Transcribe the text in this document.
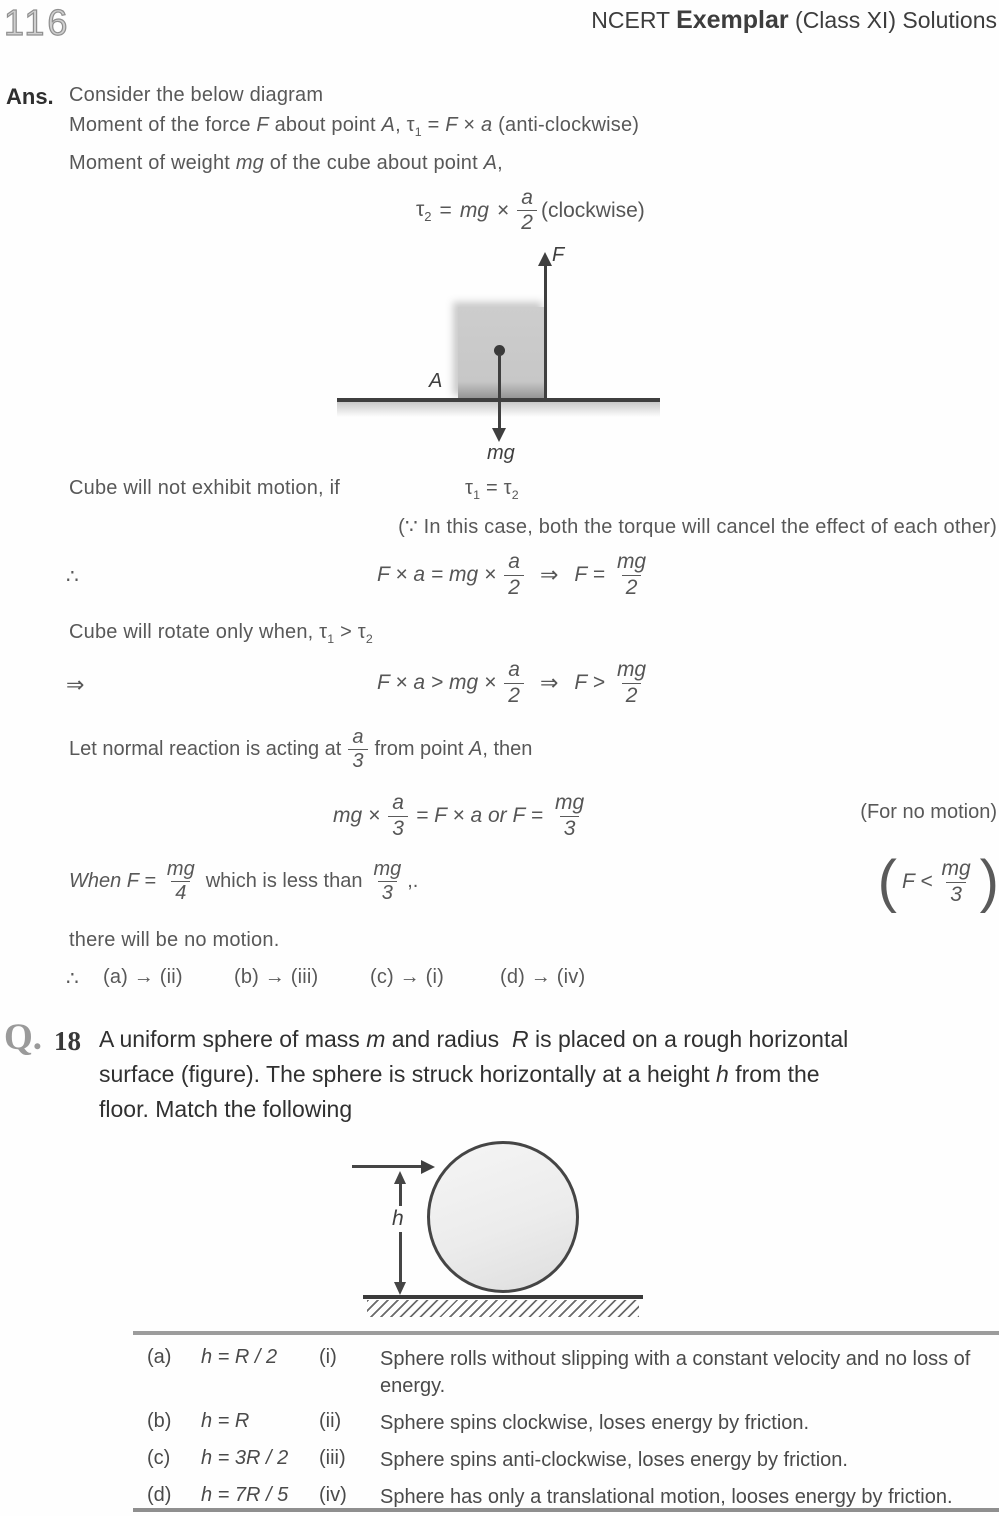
116	NCERT Exemplar (Class XI) Solutions
Ans. Consider the below diagram
Moment of the force F about point A, $\tau_1 = F \times a$ (anti-clockwise)
Moment of weight mg of the cube about point A,
$\tau_2$ = mg × $\frac{a}{2}$ (clockwise)
F
mg
A
Cube will not exhibit motion, if	$\tau_1 = \tau_2$
(∵ In this case, both the torque will cancel the effect of each other)
∴	F × a = mg × $\frac{a}{2}$ ⇒ $F = \frac{mg}{2}$
Cube will rotate only when, $\tau_1 > \tau_2$
⇒	F × a > mg × $\frac{a}{2}$ ⇒ $F > \frac{mg}{2}$
Let normal reaction is acting at $\frac{a}{3}$ from point A, then
mg × $\frac{a}{3} = F \times a$ or $F = \frac{mg}{3}$	(For no motion)
When $F = \frac{mg}{4}$ which is less than $\frac{mg}{3}$ ,.	( $F < \frac{mg}{3}$ )
there will be no motion.
∴ (a) → (ii)	(b) → (iii)	(c) → (i)	(d) → (iv)
Q. 18 A uniform sphere of mass m and radius  R is placed on a rough horizontal
surface (figure). The sphere is struck horizontally at a height h from the
floor. Match the following
h
(a) h = R / 2 (i) Sphere rolls without slipping with a constant velocity and no loss of energy.
(b) h = R	(ii) Sphere spins clockwise, loses energy by friction.
(c) h = 3R / 2 (iii) Sphere spins anti-clockwise, loses energy by friction.
(d) h = 7R / 5 (iv) Sphere has only a translational motion, looses energy by friction.
